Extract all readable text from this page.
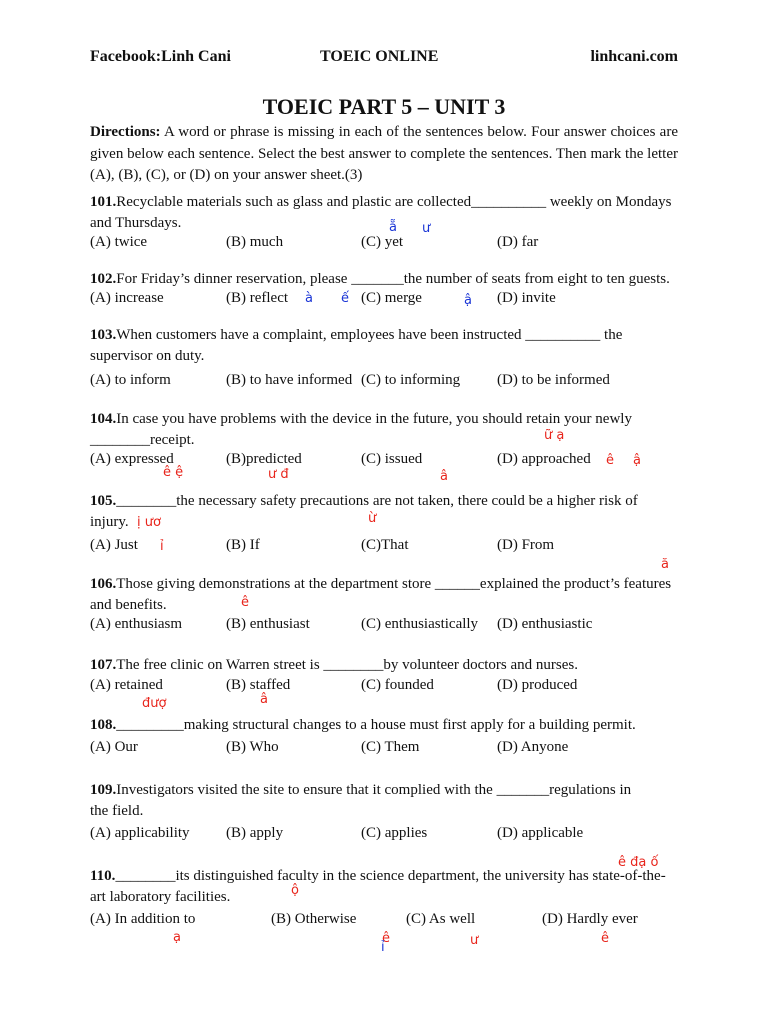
Facebook:Linh Cani	TOEIC ONLINE	linhcani.com
TOEIC PART 5 – UNIT 3
Directions: A word or phrase is missing in each of the sentences below. Four answer choices are given below each sentence. Select the best answer to complete the sentences. Then mark the letter (A), (B), (C), or (D) on your answer sheet.(3)
101.Recyclable materials such as glass and plastic are collected__________ weekly on Mondays and Thursdays.
(A) twice	(B) much	(C) yet	(D) far
102.For Friday’s dinner reservation, please _______the number of seats from eight to ten guests.
(A) increase	(B) reflect	(C) merge	(D) invite
103.When customers have a complaint, employees have been instructed __________ the supervisor on duty.
(A) to inform	(B) to have informed (C) to informing (D) to be informed
104.In case you have problems with the device in the future, you should retain your newly ________receipt.
(A) expressed	(B)predicted	(C) issued	(D) approached
105.________the necessary safety precautions are not taken, there could be a higher risk of injury.
(A) Just	(B) If	(C)That	(D) From
106.Those giving demonstrations at the department store ______explained the product’s features and benefits.
(A) enthusiasm	(B) enthusiast	(C) enthusiastically (D) enthusiastic
107.The free clinic on Warren street is ________by volunteer doctors and nurses.
(A) retained	(B) staffed	(C) founded	(D) produced
108._________making structural changes to a house must first apply for a building permit.
(A) Our	(B) Who	(C) Them	(D) Anyone
109.Investigators visited the site to ensure that it complied with the _______regulations in the field.
(A) applicability (B) apply	(C) applies	(D) applicable
110.________its distinguished faculty in the science department, the university has state-of-the-art laboratory facilities.
(A) In addition to	(B) Otherwise	(C) As well	(D) Hardly ever
ẵ ư
à ế	ậ
ữ ạ
ê ệ	ư đ
ê ậ
â
ừ
ị ươ
ỉ
ă
ê
â
đượ
ê đạ ố
ộ
ạ	ê
ỉ	ư	ê
